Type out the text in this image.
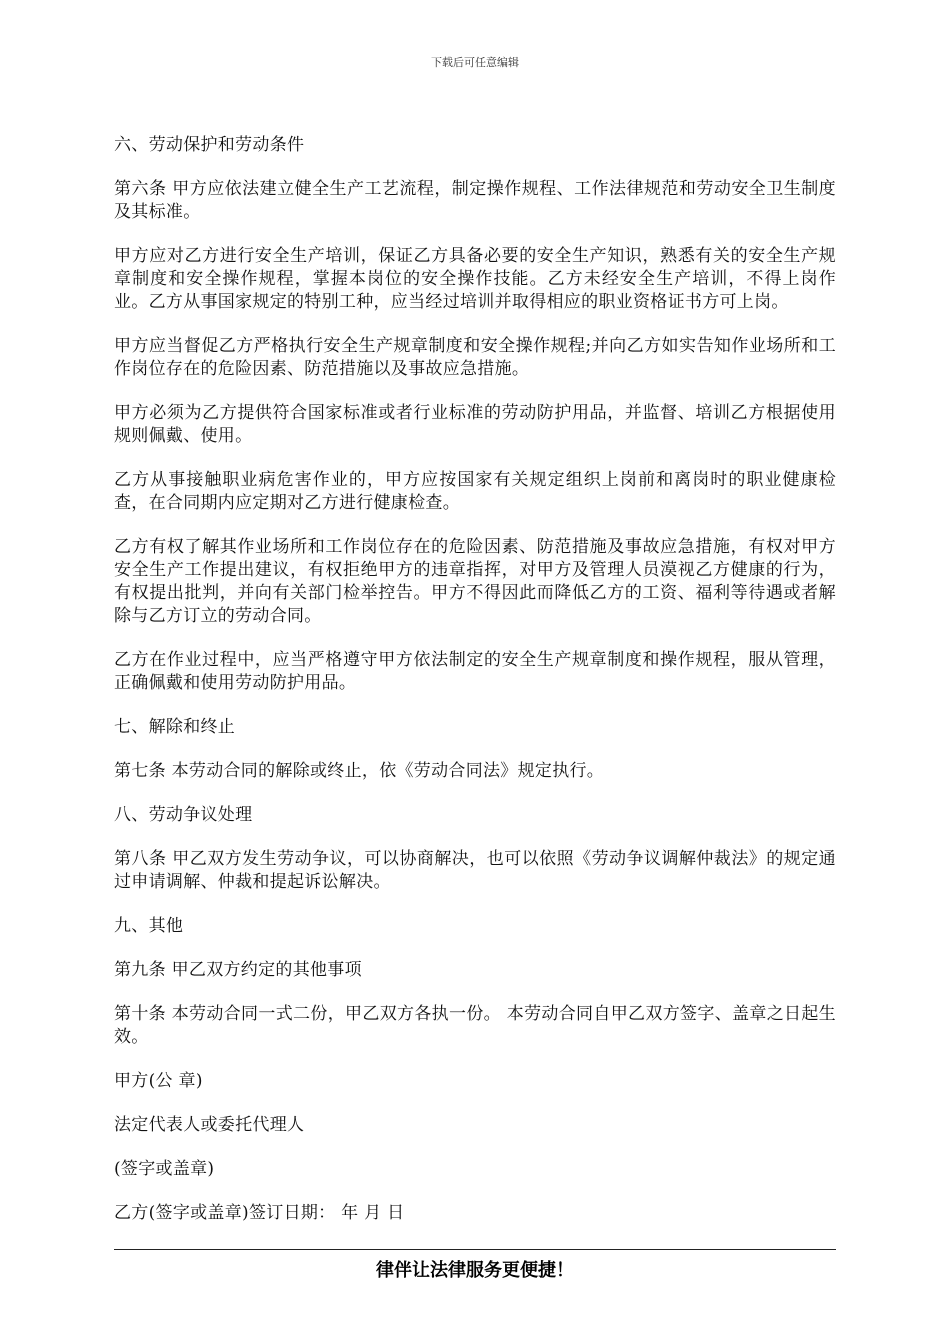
下载后可任意编辑

六、劳动保护和劳动条件

第六条 甲方应依法建立健全生产工艺流程，制定操作规程、工作法律规范和劳动安全卫生制度及其标准。

甲方应对乙方进行安全生产培训，保证乙方具备必要的安全生产知识，熟悉有关的安全生产规章制度和安全操作规程，掌握本岗位的安全操作技能。乙方未经安全生产培训，不得上岗作业。乙方从事国家规定的特别工种，应当经过培训并取得相应的职业资格证书方可上岗。

甲方应当督促乙方严格执行安全生产规章制度和安全操作规程;并向乙方如实告知作业场所和工作岗位存在的危险因素、防范措施以及事故应急措施。

甲方必须为乙方提供符合国家标准或者行业标准的劳动防护用品，并监督、培训乙方根据使用规则佩戴、使用。

乙方从事接触职业病危害作业的，甲方应按国家有关规定组织上岗前和离岗时的职业健康检查，在合同期内应定期对乙方进行健康检查。

乙方有权了解其作业场所和工作岗位存在的危险因素、防范措施及事故应急措施，有权对甲方安全生产工作提出建议，有权拒绝甲方的违章指挥，对甲方及管理人员漠视乙方健康的行为，有权提出批判，并向有关部门检举控告。甲方不得因此而降低乙方的工资、福利等待遇或者解除与乙方订立的劳动合同。

乙方在作业过程中，应当严格遵守甲方依法制定的安全生产规章制度和操作规程，服从管理，正确佩戴和使用劳动防护用品。

七、解除和终止

第七条 本劳动合同的解除或终止，依《劳动合同法》规定执行。

八、劳动争议处理

第八条 甲乙双方发生劳动争议，可以协商解决，也可以依照《劳动争议调解仲裁法》的规定通过申请调解、仲裁和提起诉讼解决。

九、其他

第九条 甲乙双方约定的其他事项

第十条 本劳动合同一式二份，甲乙双方各执一份。 本劳动合同自甲乙双方签字、盖章之日起生效。

甲方(公 章)

法定代表人或委托代理人

(签字或盖章)

乙方(签字或盖章)签订日期： 年 月 日

律伴让法律服务更便捷！
